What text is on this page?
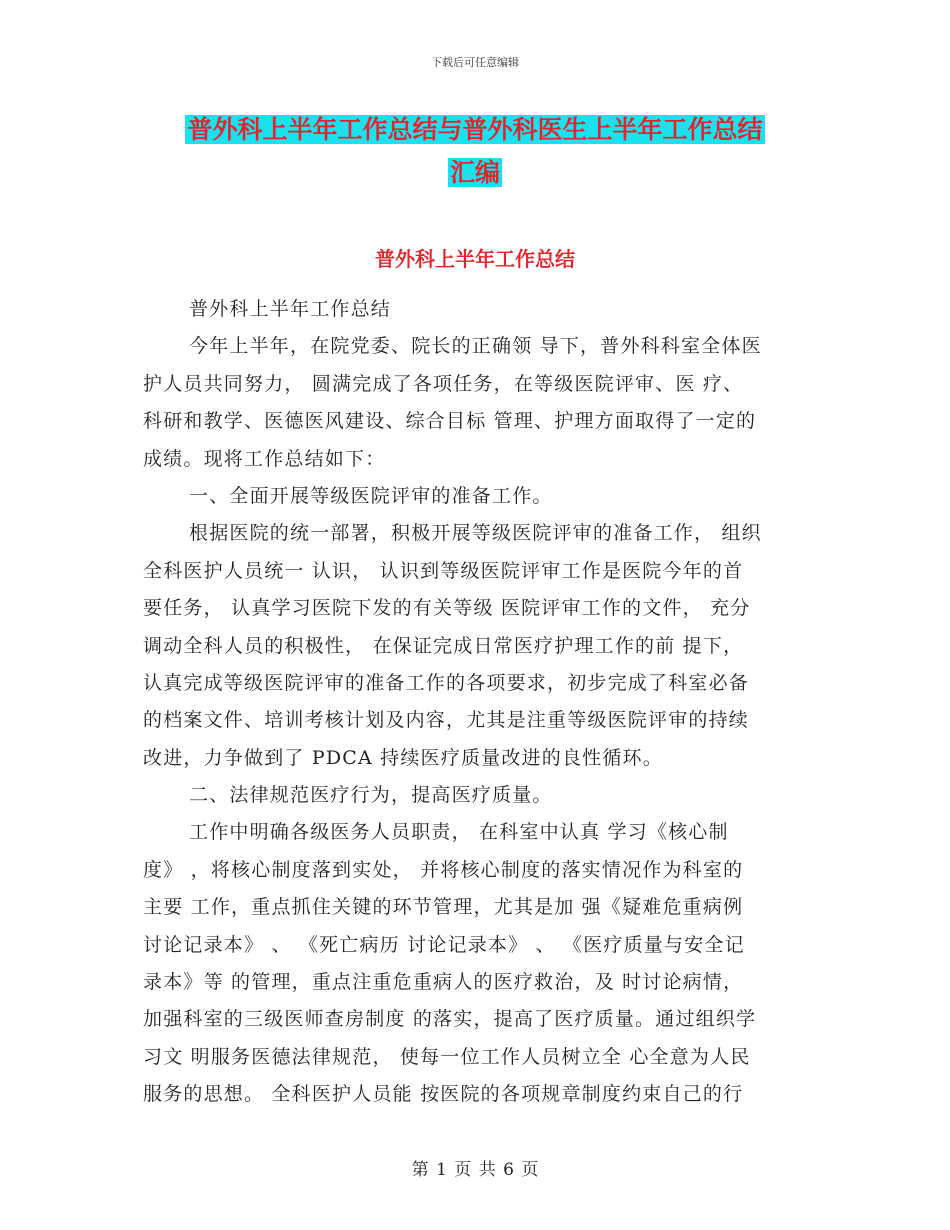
下载后可任意编辑
普外科上半年工作总结与普外科医生上半年工作总结
汇编
普外科上半年工作总结
普外科上半年工作总结
今年上半年，在院党委、院长的正确领 导下，普外科科室全体医
护人员共同努力， 圆满完成了各项任务，在等级医院评审、医 疗、
科研和教学、医德医风建设、综合目标 管理、护理方面取得了一定的
成绩。现将工作总结如下：
一、全面开展等级医院评审的准备工作。
根据医院的统一部署，积极开展等级医院评审的准备工作， 组织
全科医护人员统一 认识， 认识到等级医院评审工作是医院今年的首
要任务， 认真学习医院下发的有关等级 医院评审工作的文件， 充分
调动全科人员的积极性， 在保证完成日常医疗护理工作的前 提下，
认真完成等级医院评审的准备工作的各项要求，初步完成了科室必备
的档案文件、培训考核计划及内容，尤其是注重等级医院评审的持续
改进，力争做到了 PDCA 持续医疗质量改进的良性循环。
二、法律规范医疗行为，提高医疗质量。
工作中明确各级医务人员职责， 在科室中认真 学习《核心制
度》 ，将核心制度落到实处， 并将核心制度的落实情况作为科室的
主要 工作，重点抓住关键的环节管理，尤其是加 强《疑难危重病例
讨论记录本》 、 《死亡病历 讨论记录本》 、 《医疗质量与安全记
录本》等 的管理，重点注重危重病人的医疗救治，及 时讨论病情，
加强科室的三级医师查房制度 的落实，提高了医疗质量。通过组织学
习文 明服务医德法律规范， 使每一位工作人员树立全 心全意为人民
服务的思想。 全科医护人员能 按医院的各项规章制度约束自己的行
第 1 页 共 6 页
